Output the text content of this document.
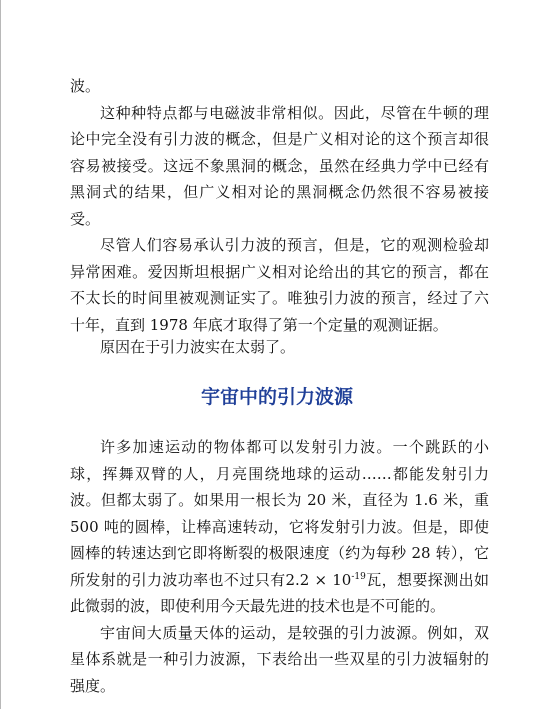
波。

这种种特点都与电磁波非常相似。因此，尽管在牛顿的理论中完全没有引力波的概念，但是广义相对论的这个预言却很容易被接受。这远不象黑洞的概念，虽然在经典力学中已经有黑洞式的结果，但广义相对论的黑洞概念仍然很不容易被接受。

尽管人们容易承认引力波的预言，但是，它的观测检验却异常困难。爱因斯坦根据广义相对论给出的其它的预言，都在不太长的时间里被观测证实了。唯独引力波的预言，经过了六十年，直到 1978 年底才取得了第一个定量的观测证据。

原因在于引力波实在太弱了。

宇宙中的引力波源

许多加速运动的物体都可以发射引力波。一个跳跃的小球，挥舞双臂的人，月亮围绕地球的运动……都能发射引力波。但都太弱了。如果用一根长为 20 米，直径为 1.6 米，重 500 吨的圆棒，让棒高速转动，它将发射引力波。但是，即使圆棒的转速达到它即将断裂的极限速度（约为每秒 28 转），它所发射的引力波功率也不过只有$2.2 \times 10^{-19}$瓦，想要探测出如此微弱的波，即使利用今天最先进的技术也是不可能的。

宇宙间大质量天体的运动，是较强的引力波源。例如，双星体系就是一种引力波源，下表给出一些双星的引力波辐射的强度。
